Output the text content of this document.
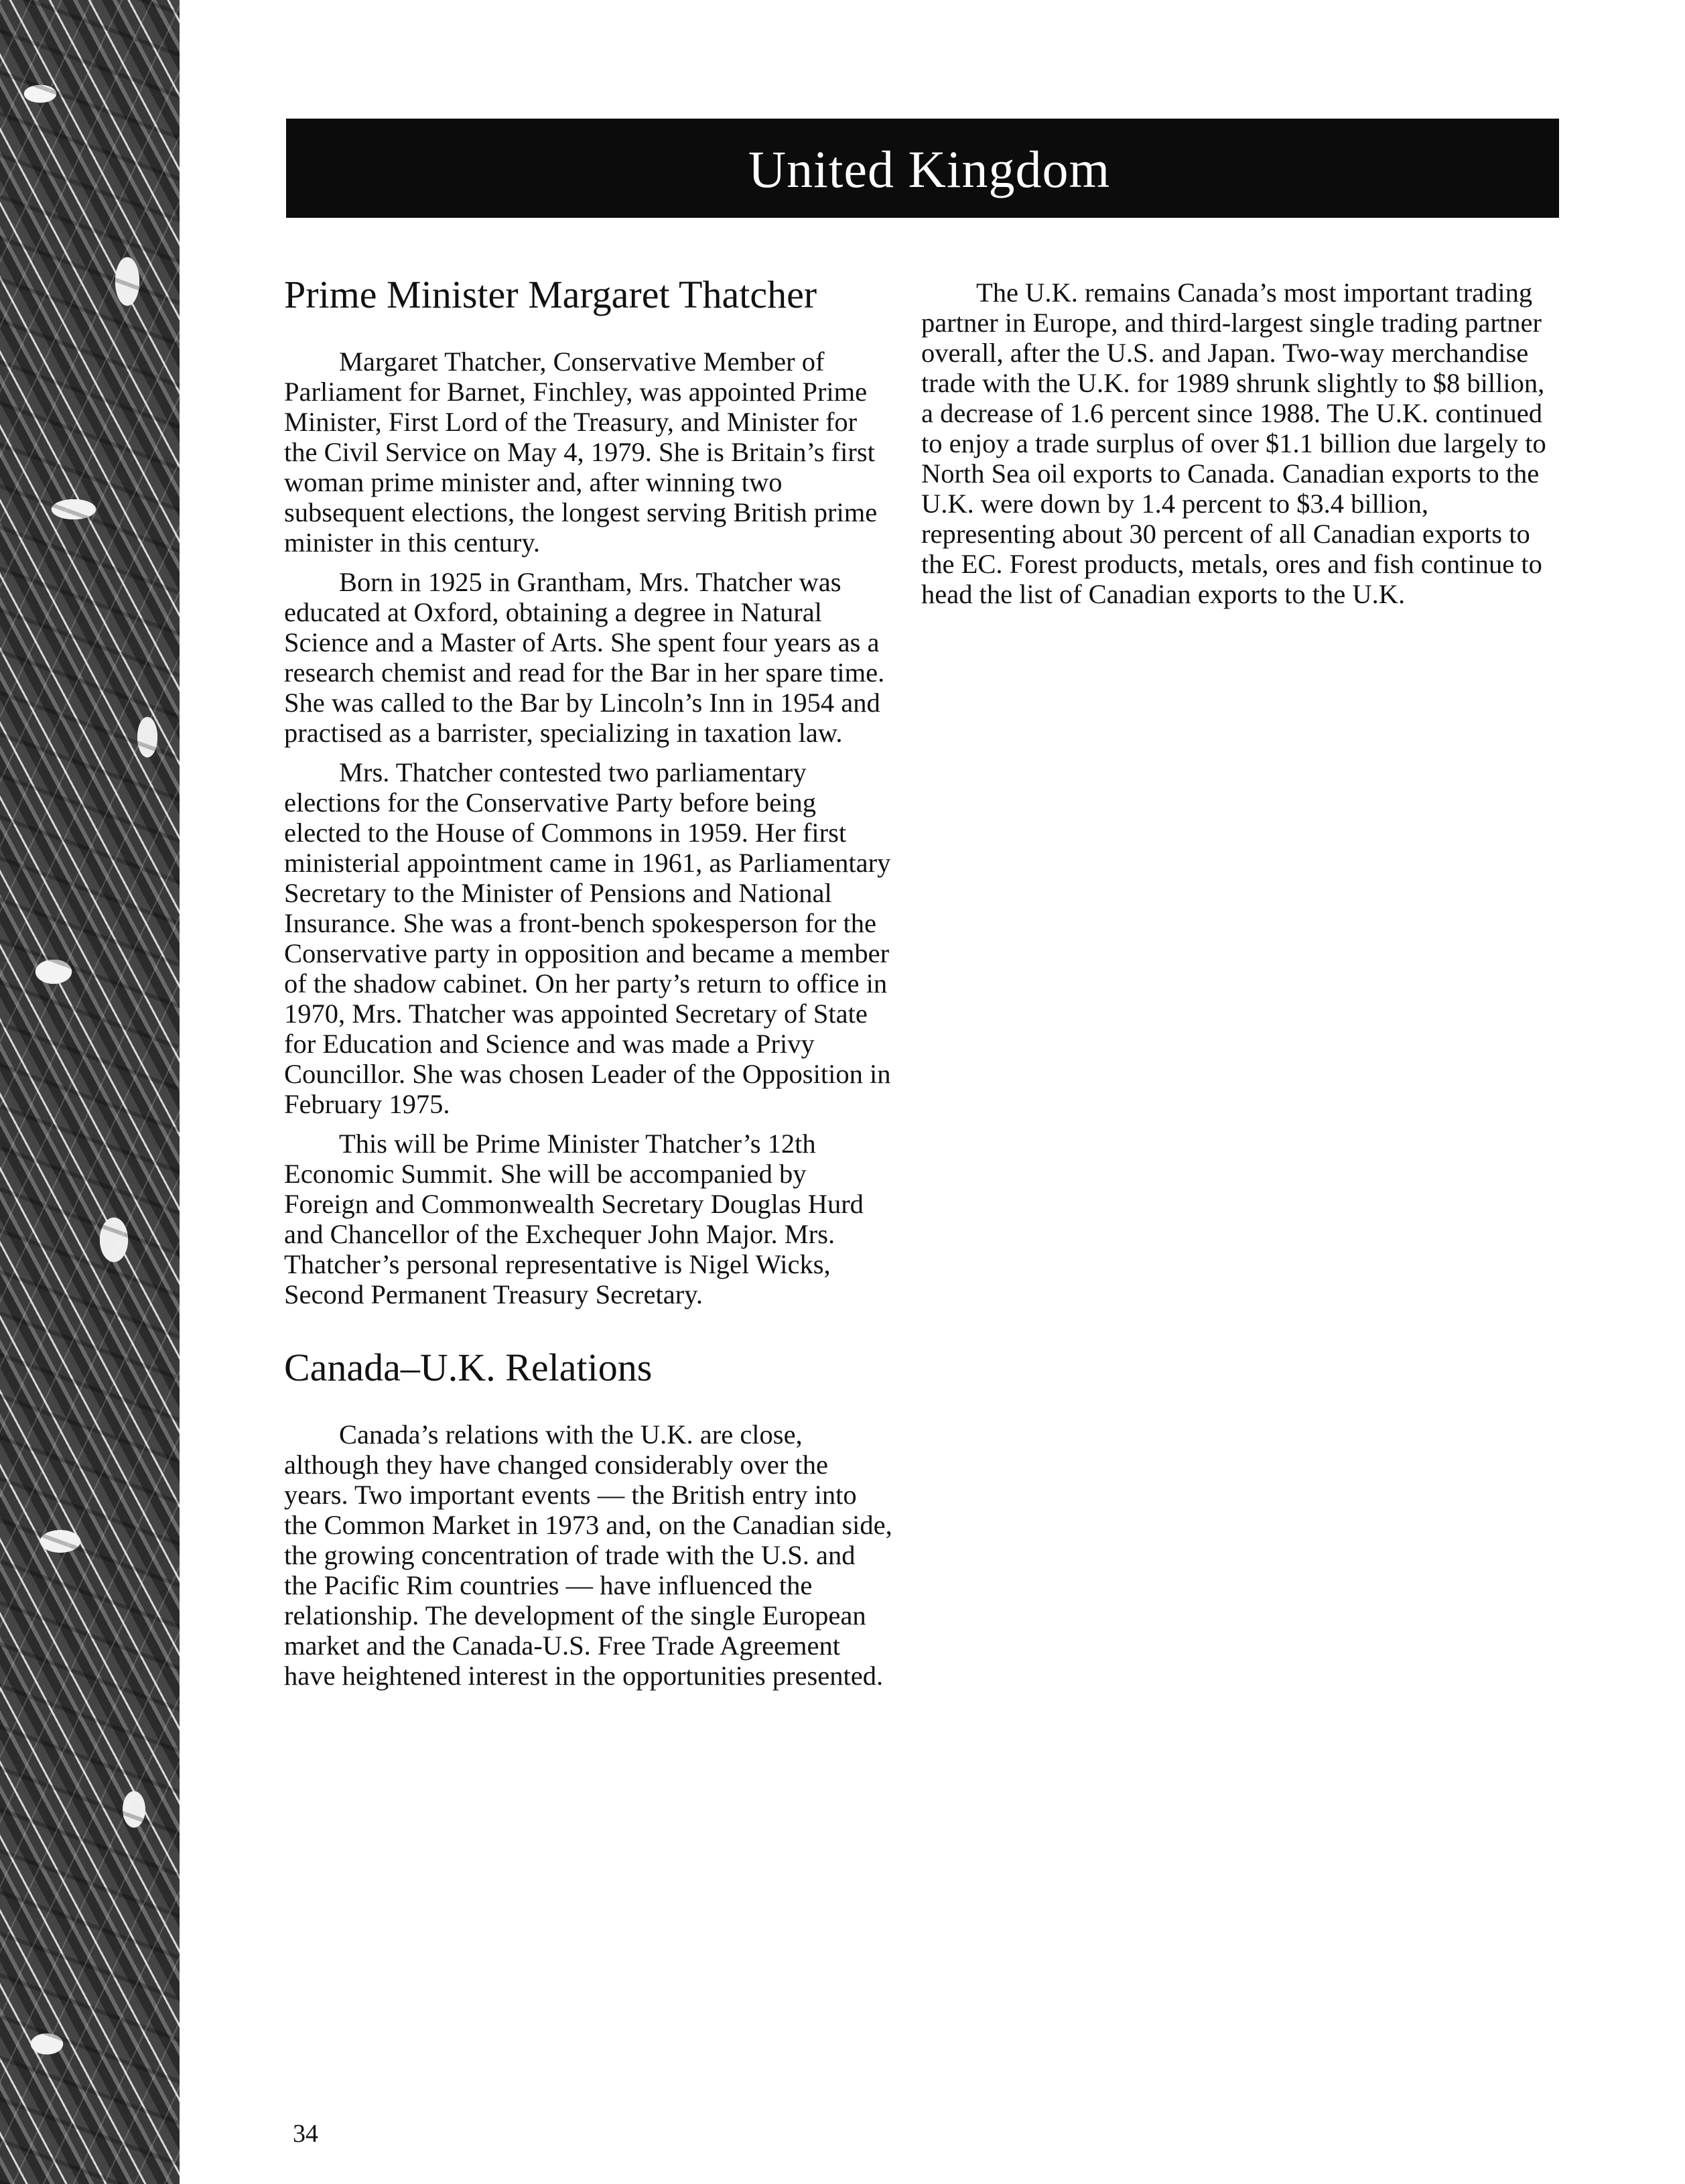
United Kingdom
Prime Minister Margaret Thatcher

Margaret Thatcher, Conservative Member of Parliament for Barnet, Finchley, was appointed Prime Minister, First Lord of the Treasury, and Minister for the Civil Service on May 4, 1979. She is Britain’s first woman prime minister and, after winning two subsequent elections, the longest serving British prime minister in this century.

Born in 1925 in Grantham, Mrs. Thatcher was educated at Oxford, obtaining a degree in Natural Science and a Master of Arts. She spent four years as a research chemist and read for the Bar in her spare time. She was called to the Bar by Lincoln’s Inn in 1954 and practised as a barrister, specializing in taxation law.

Mrs. Thatcher contested two parliamentary elections for the Conservative Party before being elected to the House of Commons in 1959. Her first ministerial appointment came in 1961, as Parliamentary Secretary to the Minister of Pensions and National Insurance. She was a front-bench spokesperson for the Conservative party in opposition and became a member of the shadow cabinet. On her party’s return to office in 1970, Mrs. Thatcher was appointed Secretary of State for Education and Science and was made a Privy Councillor. She was chosen Leader of the Opposition in February 1975.

This will be Prime Minister Thatcher’s 12th Economic Summit. She will be accompanied by Foreign and Commonwealth Secretary Douglas Hurd and Chancellor of the Exchequer John Major. Mrs. Thatcher’s personal representative is Nigel Wicks, Second Permanent Treasury Secretary.

Canada–U.K. Relations

Canada’s relations with the U.K. are close, although they have changed considerably over the years. Two important events — the British entry into the Common Market in 1973 and, on the Canadian side, the growing concentration of trade with the U.S. and the Pacific Rim countries — have influenced the relationship. The development of the single European market and the Canada-U.S. Free Trade Agreement have heightened interest in the opportunities presented.

The U.K. remains Canada’s most important trading partner in Europe, and third-largest single trading partner overall, after the U.S. and Japan. Two-way merchandise trade with the U.K. for 1989 shrunk slightly to $8 billion, a decrease of 1.6 percent since 1988. The U.K. continued to enjoy a trade surplus of over $1.1 billion due largely to North Sea oil exports to Canada. Canadian exports to the U.K. were down by 1.4 percent to $3.4 billion, representing about 30 percent of all Canadian exports to the EC. Forest products, metals, ores and fish continue to head the list of Canadian exports to the U.K.

34
